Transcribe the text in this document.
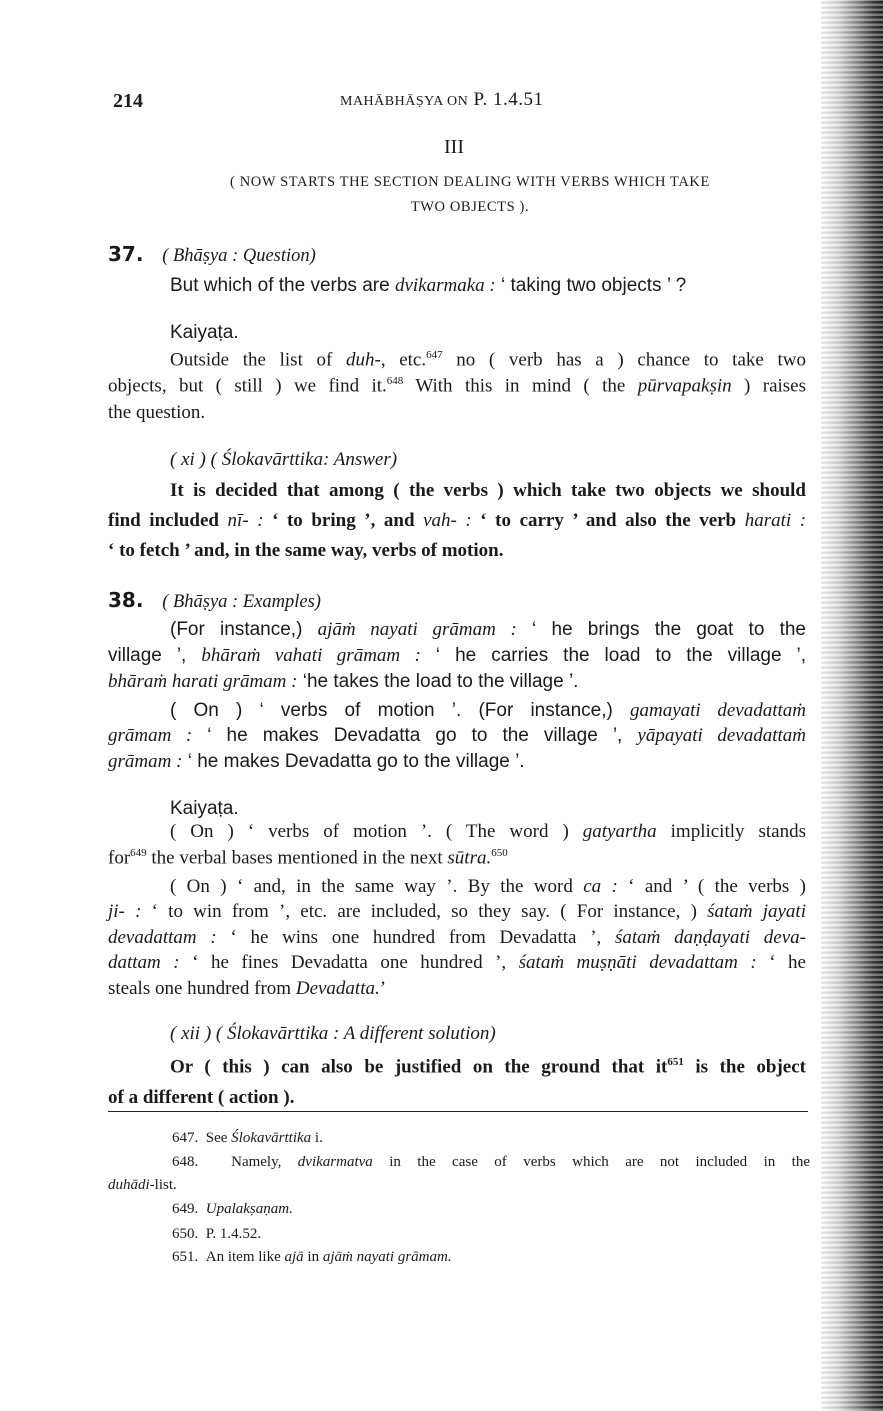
214	MAHĀBHĀṢYA ON P. 1.4.51
III
( NOW STARTS THE SECTION DEALING WITH VERBS WHICH TAKE
TWO OBJECTS ).
37. ( Bhāṣya : Question)
But which of the verbs are dvikarmaka : ‘ taking two objects ’ ?
Kaiyaṭa.
Outside the list of duh-, etc.$^{647}$ no ( verb has a ) chance to take two
objects, but ( still ) we find it.$^{648}$ With this in mind ( the pūrvapakṣin ) raises
the question.
( xi ) ( Ślokavārttika: Answer)
It is decided that among ( the verbs ) which take two objects we should
find included nī- : ‘ to bring ’, and vah- : ‘ to carry ’ and also the verb harati :
‘ to fetch ’ and, in the same way, verbs of motion.
38. ( Bhāṣya : Examples)
(For instance,) ajāṁ nayati grāmam : ‘ he brings the goat to the
village ’, bhāraṁ vahati grāmam : ‘ he carries the load to the village ’,
bhāraṁ harati grāmam : ‘he takes the load to the village ’.
( On ) ‘ verbs of motion ’. (For instance,) gamayati devadattaṁ
grāmam : ‘ he makes Devadatta go to the village ’, yāpayati devadattaṁ
grāmam : ‘ he makes Devadatta go to the village ’.
Kaiyaṭa.
( On ) ‘ verbs of motion ’. ( The word ) gatyartha implicitly stands
for$^{649}$ the verbal bases mentioned in the next sūtra.$^{650}$
( On ) ‘ and, in the same way ’. By the word ca : ‘ and ’ ( the verbs )
ji- : ‘ to win from ’, etc. are included, so they say. ( For instance, ) śataṁ jayati
devadattam : ‘ he wins one hundred from Devadatta ’, śataṁ daṇḍayati deva-
dattam : ‘ he fines Devadatta one hundred ’, śataṁ muṣṇāti devadattam : ‘ he
steals one hundred from Devadatta.’
( xii ) ( Ślokavārttika : A different solution)
Or ( this ) can also be justified on the ground that $it^{651}$ is the object
of a different ( action ).
647. See Ślokavārttika i.
648. Namely, dvikarmatva in the case of verbs which are not included in the
duhādi-list.
649. Upalakṣaṇam.
650. P. 1.4.52.
651. An item like ajā in ajāṁ nayati grāmam.
